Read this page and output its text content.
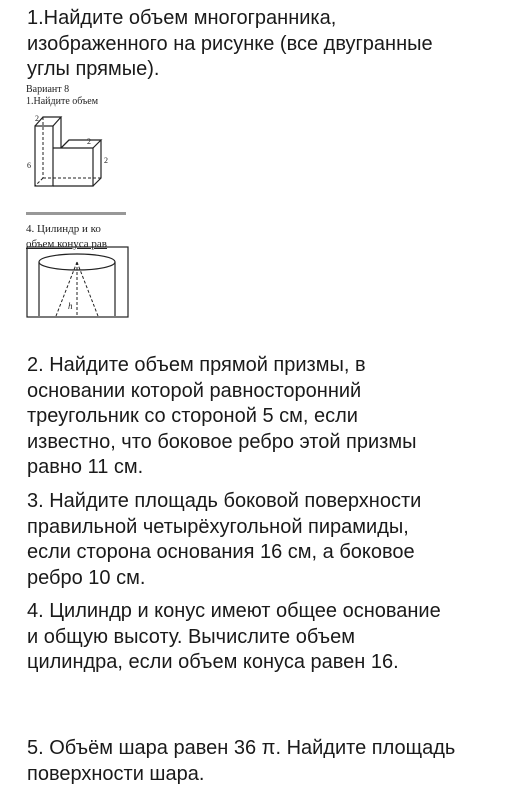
1.Найдите объем многогранника,
изображенного на рисунке (все двугранные
углы прямые).
Вариант 8
1.Найдите объем
2
6
2
2
4. Цилиндр и ко
объем конуса рав
h
2. Найдите объем прямой призмы, в
основании которой равносторонний
треугольник со стороной 5 см, если
известно, что боковое ребро этой призмы
равно 11 см.
3. Найдите площадь боковой поверхности
правильной четырёхугольной пирамиды,
если сторона основания 16 см, а боковое
ребро 10 см.
4. Цилиндр и конус имеют общее основание
и общую высоту. Вычислите объем
цилиндра, если объем конуса равен 16.
5. Объём шара равен 36 π. Найдите площадь
поверхности шара.
